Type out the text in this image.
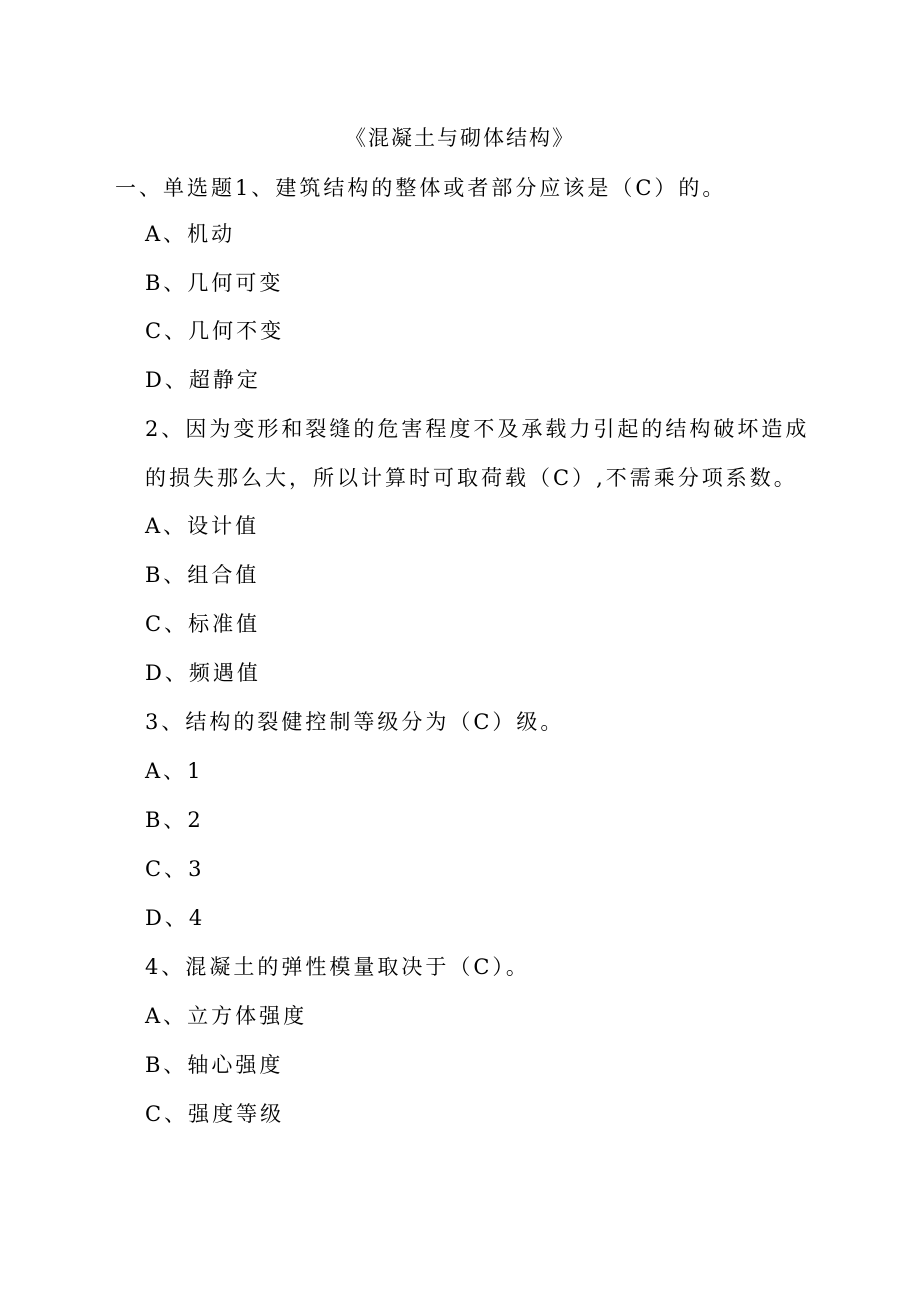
《混凝土与砌体结构》
一、单选题1、建筑结构的整体或者部分应该是（C）的。
A、机动
B、几何可变
C、几何不变
D、超静定
2、因为变形和裂缝的危害程度不及承载力引起的结构破坏造成
的损失那么大，所以计算时可取荷载（C）,不需乘分项系数。
A、设计值
B、组合值
C、标准值
D、频遇值
3、结构的裂健控制等级分为（C）级。
A、1
B、2
C、3
D、4
4、混凝土的弹性模量取决于（C）。
A、立方体强度
B、轴心强度
C、强度等级
